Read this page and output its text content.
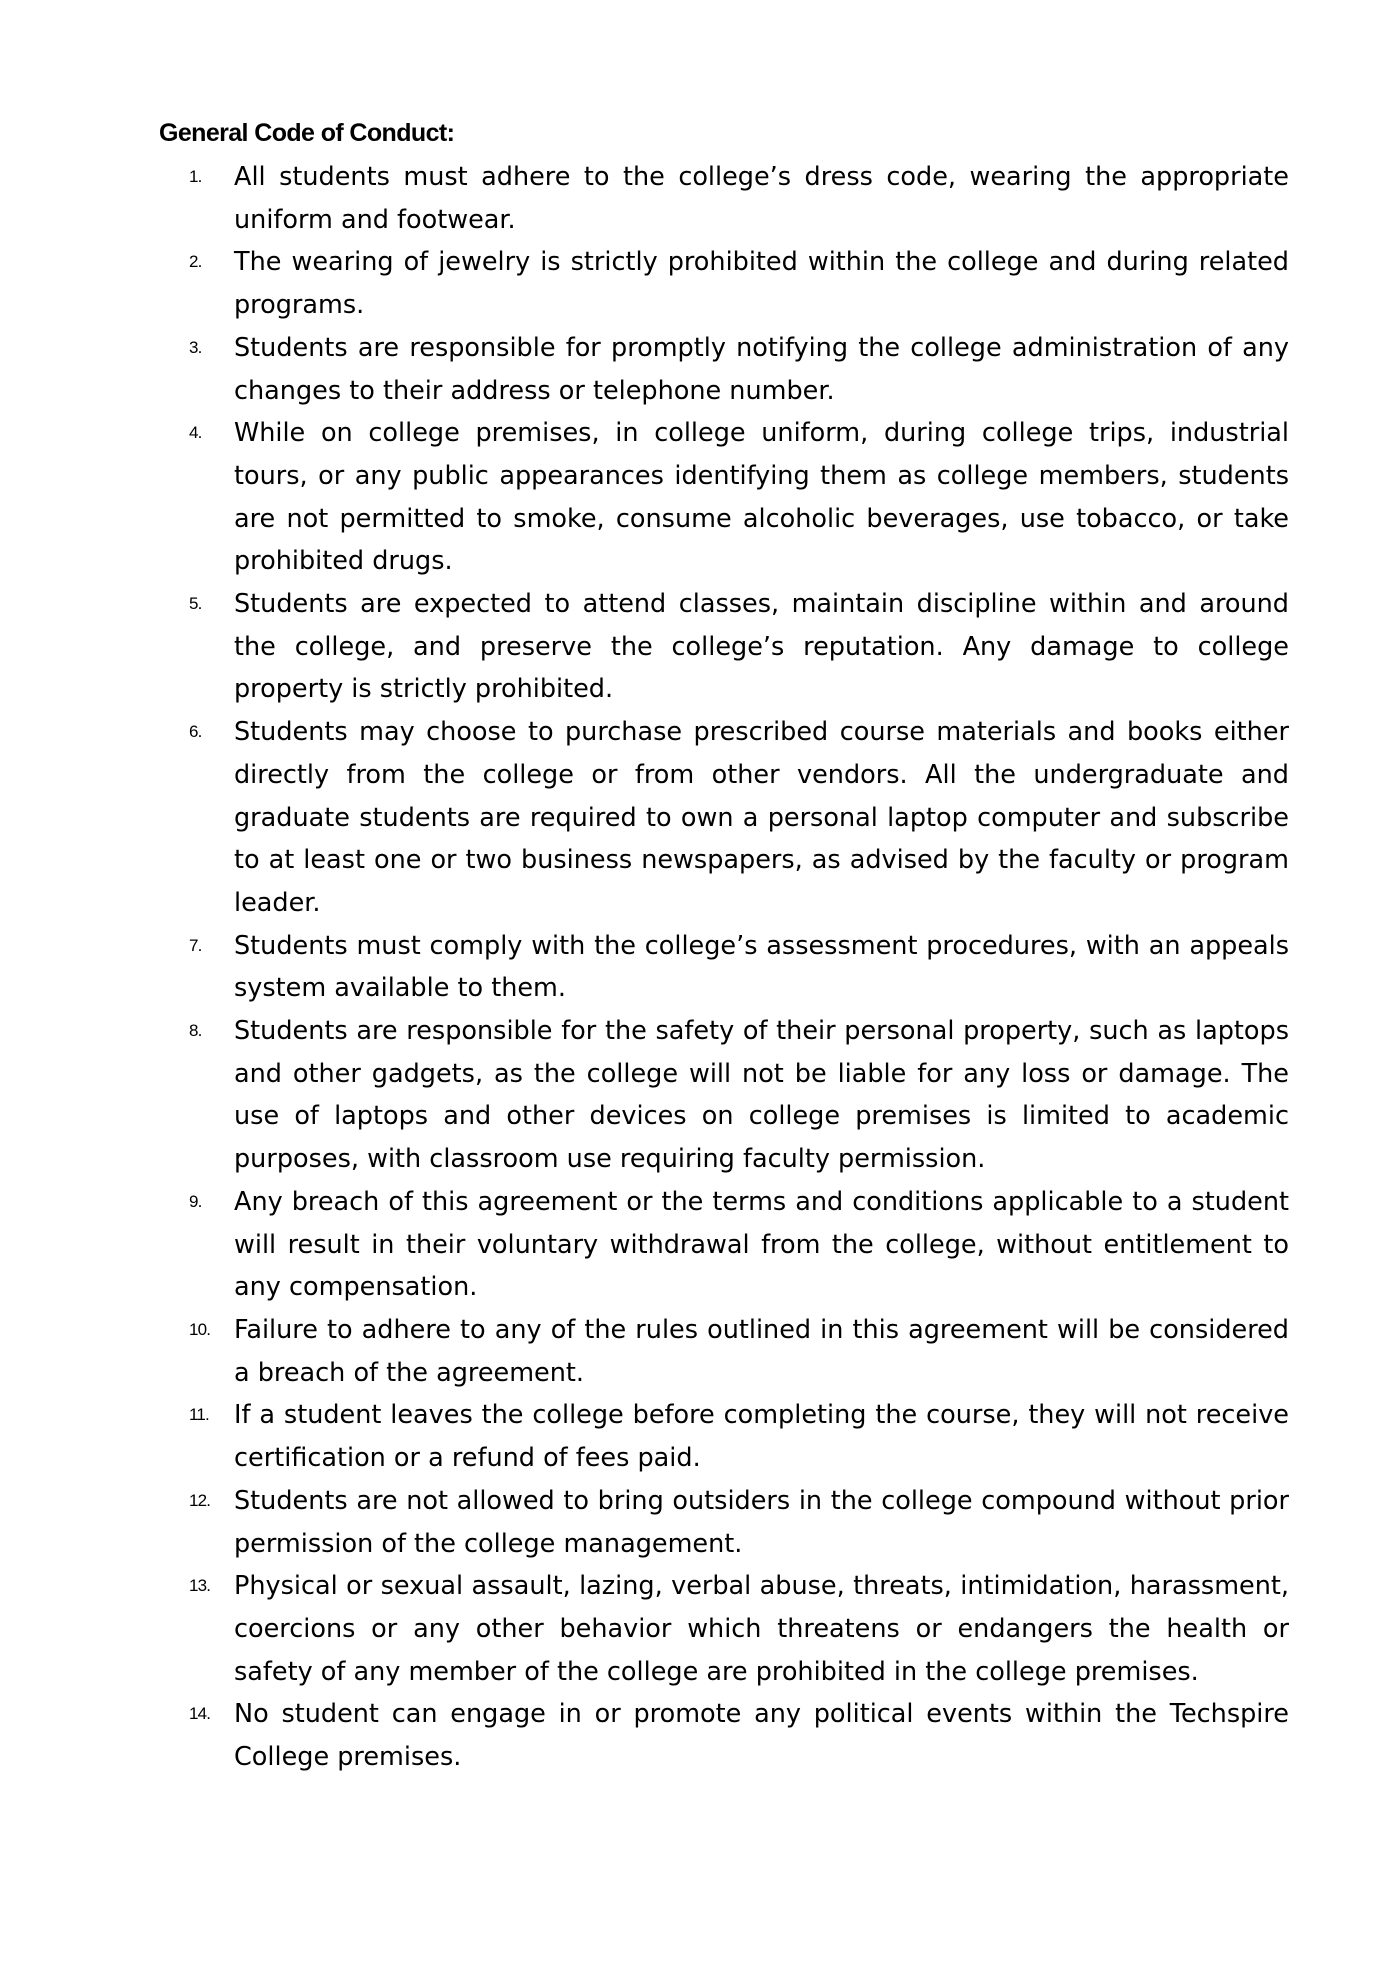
General Code of Conduct:
1.	All students must adhere to the college’s dress code, wearing the appropriate uniform and footwear.
2.	The wearing of jewelry is strictly prohibited within the college and during related programs.
3.	Students are responsible for promptly notifying the college administration of any changes to their address or telephone number.
4.	While on college premises, in college uniform, during college trips, industrial tours, or any public appearances identifying them as college members, students are not permitted to smoke, consume alcoholic beverages, use tobacco, or take prohibited drugs.
5.	Students are expected to attend classes, maintain discipline within and around the college, and preserve the college’s reputation. Any damage to college property is strictly prohibited.
6.	Students may choose to purchase prescribed course materials and books either directly from the college or from other vendors. All the undergraduate and graduate students are required to own a personal laptop computer and subscribe to at least one or two business newspapers, as advised by the faculty or program leader.
7.	Students must comply with the college’s assessment procedures, with an appeals system available to them.
8.	Students are responsible for the safety of their personal property, such as laptops and other gadgets, as the college will not be liable for any loss or damage. The use of laptops and other devices on college premises is limited to academic purposes, with classroom use requiring faculty permission.
9.	Any breach of this agreement or the terms and conditions applicable to a student will result in their voluntary withdrawal from the college, without entitlement to any compensation.
10. Failure to adhere to any of the rules outlined in this agreement will be considered a breach of the agreement.
11. If a student leaves the college before completing the course, they will not receive certification or a refund of fees paid.
12. Students are not allowed to bring outsiders in the college compound without prior permission of the college management.
13. Physical or sexual assault, lazing, verbal abuse, threats, intimidation, harassment, coercions or any other behavior which threatens or endangers the health or safety of any member of the college are prohibited in the college premises.
14. No student can engage in or promote any political events within the Techspire College premises.
